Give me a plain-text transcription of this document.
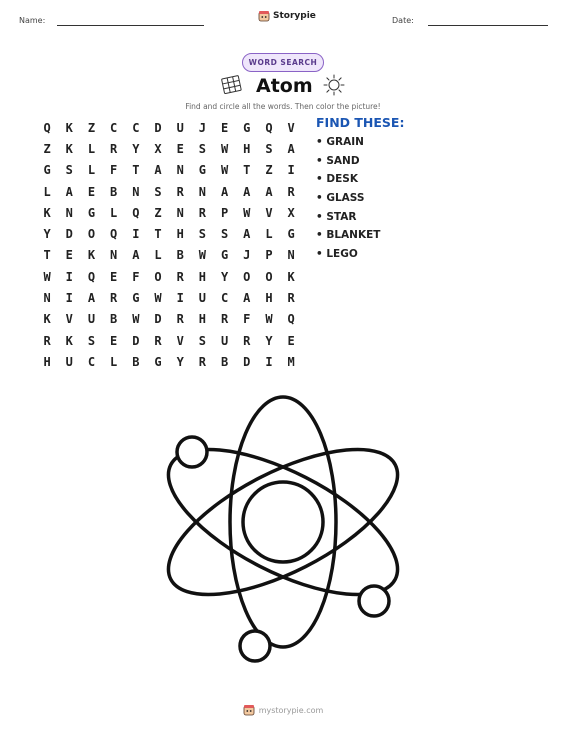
Name:	Storypie	Date:
WORD SEARCH
Atom
Find and circle all the words. Then color the picture!
Q	K	Z	C	C	D	U	J	E	G	Q	V
Z	K	L	R	Y	X	E	S	W	H	S	A
G	S	L	F	T	A	N	G	W	T	Z	I
L	A	E	B	N	S	R	N	A	A	A	R
K	N	G	L	Q	Z	N	R	P	W	V	X
Y	D	O	Q	I	T	H	S	S	A	L	G
T	E	K	N	A	L	B	W	G	J	P	N
W	I	Q	E	F	O	R	H	Y	O	O	K
N	I	A	R	G	W	I	U	C	A	H	R
K	V	U	B	W	D	R	H	R	F	W	Q
R	K	S	E	D	R	V	S	U	R	Y	E
H	U	C	L	B	G	Y	R	B	D	I	M
FIND THESE:
• GRAIN
• SAND
• DESK
• GLASS
• STAR
• BLANKET
• LEGO
mystorypie.com
